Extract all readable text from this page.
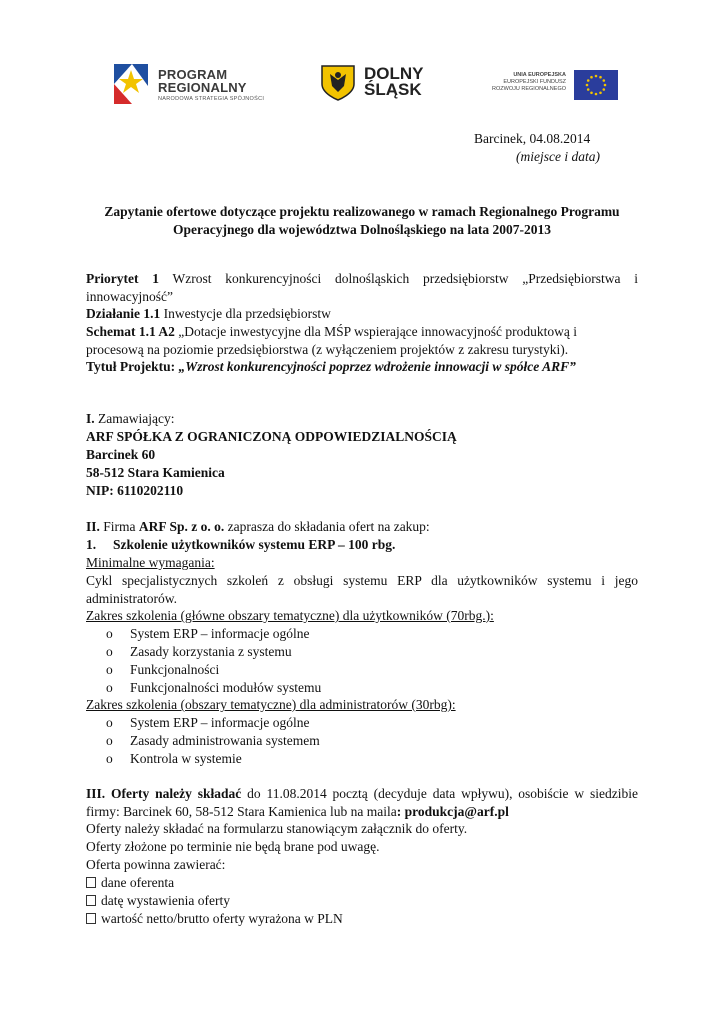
PROGRAM
REGIONALNY
NARODOWA STRATEGIA SPÓJNOŚCI
DOLNY
ŚLĄSK
UNIA EUROPEJSKA
EUROPEJSKI FUNDUSZ
ROZWOJU REGIONALNEGO
Barcinek, 04.08.2014
(miejsce i data)
Zapytanie ofertowe dotyczące projektu realizowanego w ramach Regionalnego Programu Operacyjnego dla województwa Dolnośląskiego na lata 2007-2013
Priorytet 1 Wzrost konkurencyjności dolnośląskich przedsiębiorstw „Przedsiębiorstwa i innowacyjność”
Działanie 1.1 Inwestycje dla przedsiębiorstw
Schemat 1.1 A2 „Dotacje inwestycyjne dla MŚP wspierające innowacyjność produktową i procesową na poziomie przedsiębiorstwa (z wyłączeniem projektów z zakresu turystyki).
Tytuł Projektu: „Wzrost konkurencyjności poprzez wdrożenie innowacji w spółce ARF”
I. Zamawiający:
ARF SPÓŁKA Z OGRANICZONĄ ODPOWIEDZIALNOŚCIĄ
Barcinek 60
58-512 Stara Kamienica
NIP: 6110202110
II. Firma ARF Sp. z o. o. zaprasza do składania ofert na zakup:
1. Szkolenie użytkowników systemu ERP – 100 rbg.
Minimalne wymagania:
Cykl specjalistycznych szkoleń z obsługi systemu ERP dla użytkowników systemu i jego administratorów.
Zakres szkolenia (główne obszary tematyczne) dla użytkowników (70rbg.):
o System ERP – informacje ogólne
o Zasady korzystania z systemu
o Funkcjonalności
o Funkcjonalności modułów systemu
Zakres szkolenia (obszary tematyczne) dla administratorów (30rbg):
o System ERP – informacje ogólne
o Zasady administrowania systemem
o Kontrola w systemie
III. Oferty należy składać do 11.08.2014 pocztą (decyduje data wpływu), osobiście w siedzibie firmy: Barcinek 60, 58-512 Stara Kamienica lub na maila: produkcja@arf.pl
Oferty należy składać na formularzu stanowiącym załącznik do oferty.
Oferty złożone po terminie nie będą brane pod uwagę.
Oferta powinna zawierać:
dane oferenta
datę wystawienia oferty
wartość netto/brutto oferty wyrażona w PLN
